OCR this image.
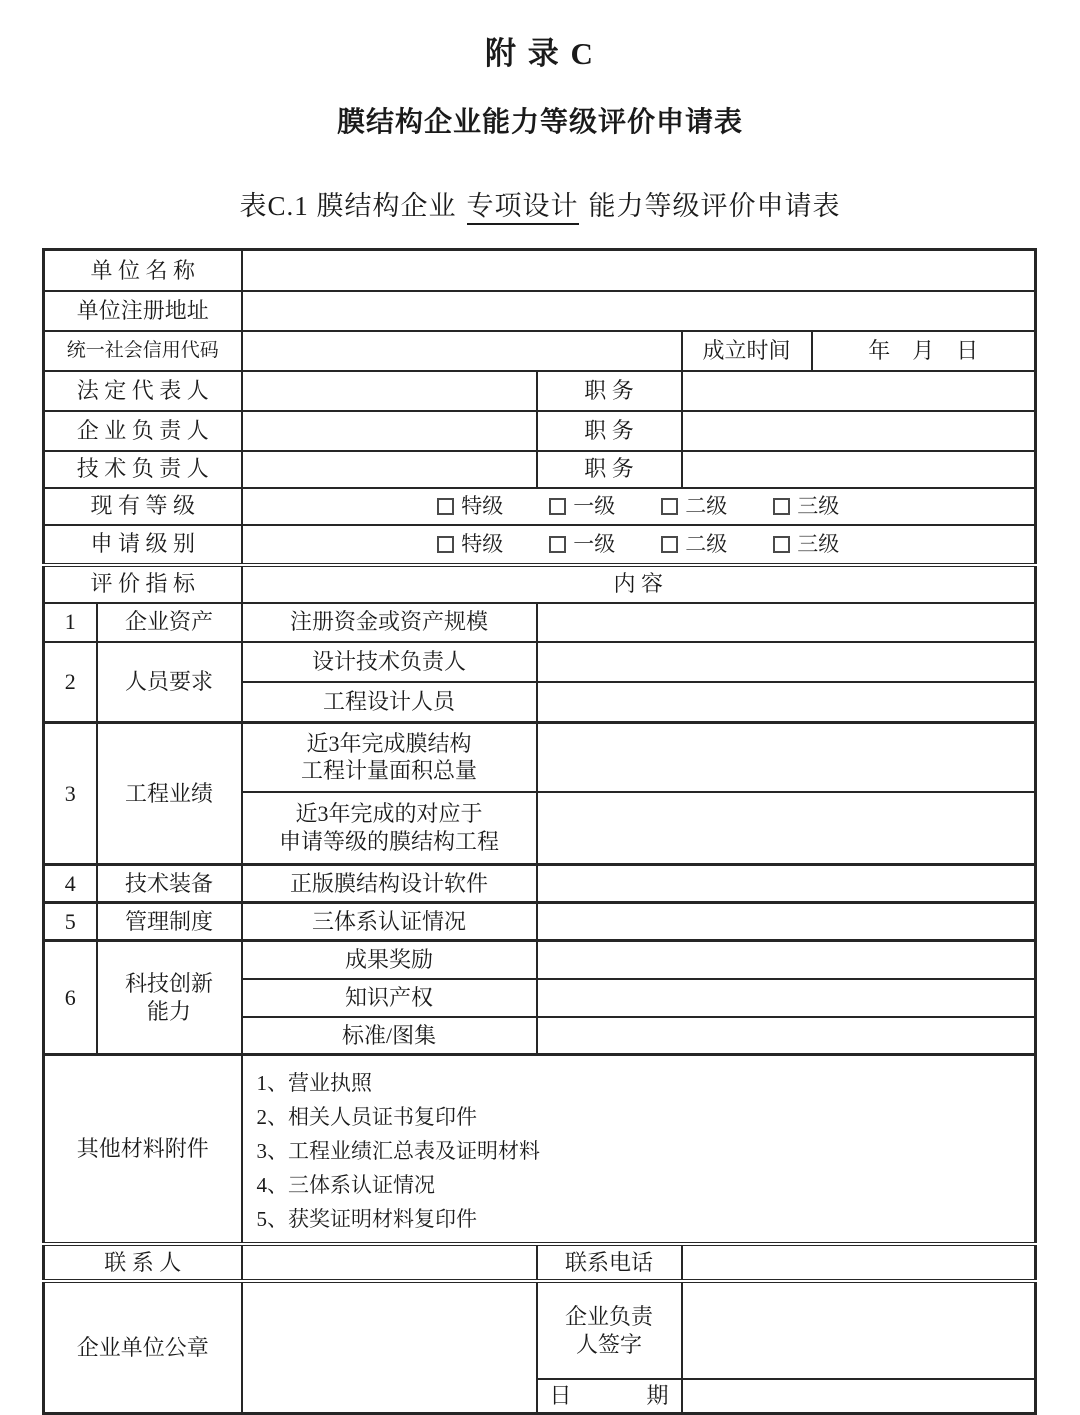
附 录 C
膜结构企业能力等级评价申请表
表C.1 膜结构企业 专项设计 能力等级评价申请表
单 位 名 称					
单位注册地址					
统一社会信用代码				成立时间	年　月　日
法 定 代 表 人			职 务		
企 业 负 责 人			职 务		
技 术 负 责 人			职 务		
现 有 等 级		特级 一级 二级 三级			

申 请 级 别		特级 一级 二级 三级			

评 价 指 标		内 容			
1	企业资产	注册资金或资产规模			
2	人员要求	设计技术负责人			
		工程设计人员			
3	工程业绩	近3年完成膜结构
工程计量面积总量			

		近3年完成的对应于
申请等级的膜结构工程			

4	技术装备	正版膜结构设计软件			
5	管理制度	三体系认证情况			
6	科技创新能力	成果奖励			
		知识产权			
		标准/图集			
其他材料附件		1、营业执照
2、相关人员证书复印件
3、工程业绩汇总表及证明材料
4、三体系认证情况
5、获奖证明材料复印件			

联 系 人			联系电话		
企业单位公章			企业负责
人签字		

			日 期		
